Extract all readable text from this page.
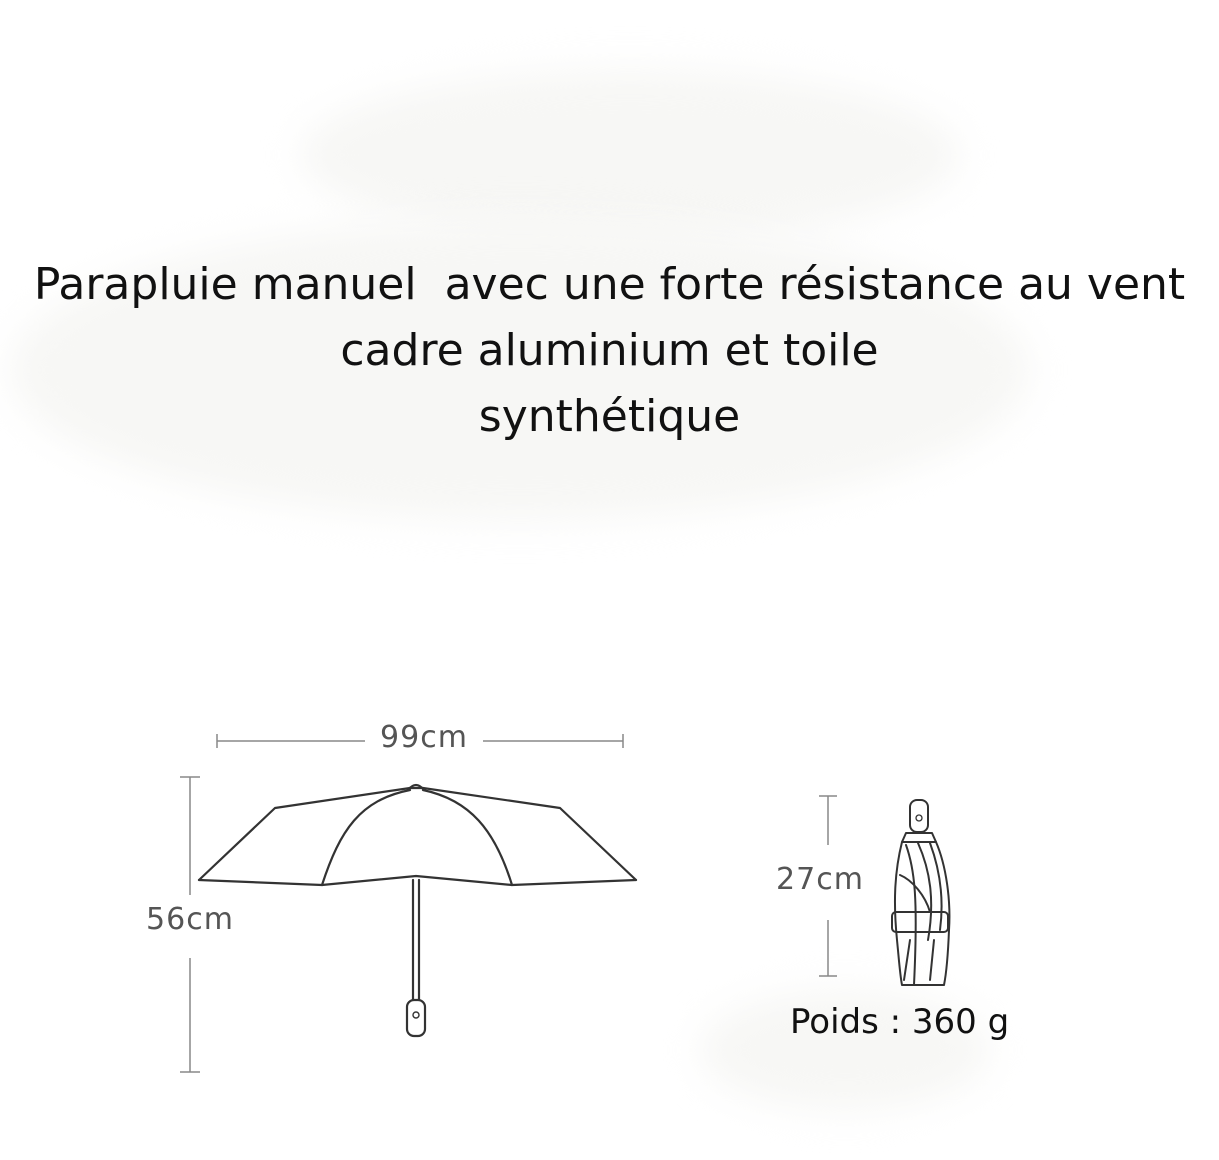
Parapluie manuel  avec une forte résistance au vent
cadre aluminium et toile
synthétique
99cm
56cm
27cm
Poids : 360 g
